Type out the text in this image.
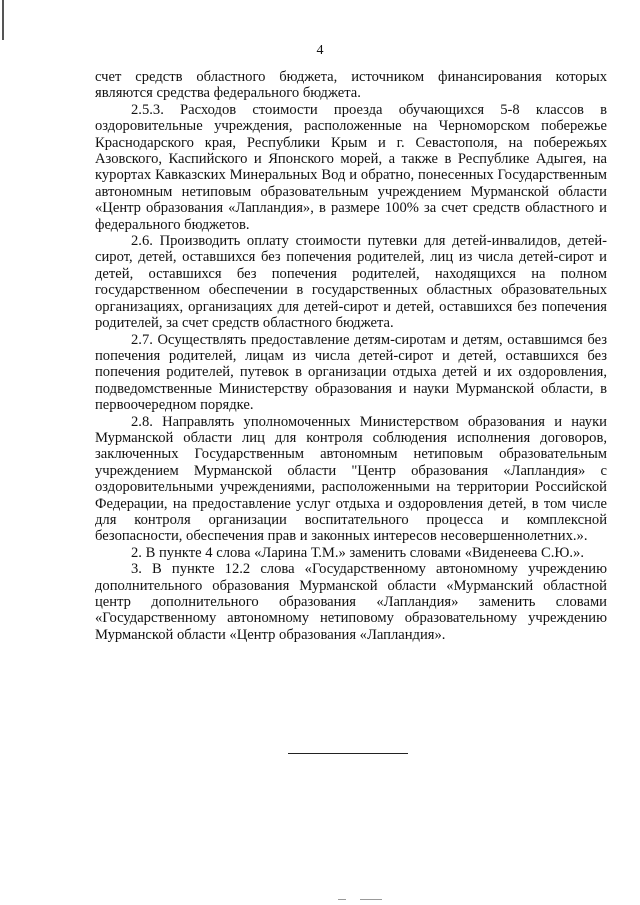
4

счет средств областного бюджета, источником финансирования которых являются средства федерального бюджета.

2.5.3. Расходов стоимости проезда обучающихся 5-8 классов в оздоровительные учреждения, расположенные на Черноморском побережье Краснодарского края, Республики Крым и г. Севастополя, на побережьях Азовского, Каспийского и Японского морей, а также в Республике Адыгея, на курортах Кавказских Минеральных Вод и обратно, понесенных Государственным автономным нетиповым образовательным учреждением Мурманской области «Центр образования «Лапландия», в размере 100% за счет средств областного и федерального бюджетов.

2.6. Производить оплату стоимости путевки для детей-инвалидов, детей-сирот, детей, оставшихся без попечения родителей, лиц из числа детей-сирот и детей, оставшихся без попечения родителей, находящихся на полном государственном обеспечении в государственных областных образовательных организациях, организациях для детей-сирот и детей, оставшихся без попечения родителей, за счет средств областного бюджета.

2.7. Осуществлять предоставление детям-сиротам и детям, оставшимся без попечения родителей, лицам из числа детей-сирот и детей, оставшихся без попечения родителей, путевок в организации отдыха детей и их оздоровления, подведомственные Министерству образования и науки Мурманской области, в первоочередном порядке.

2.8. Направлять уполномоченных Министерством образования и науки Мурманской области лиц для контроля соблюдения исполнения договоров, заключенных Государственным автономным нетиповым образовательным учреждением Мурманской области "Центр образования «Лапландия» с оздоровительными учреждениями, расположенными на территории Российской Федерации, на предоставление услуг отдыха и оздоровления детей, в том числе для контроля организации воспитательного процесса и комплексной безопасности, обеспечения прав и законных интересов несовершеннолетних.».

2. В пункте 4 слова «Ларина Т.М.» заменить словами «Виденеева С.Ю.».

3. В пункте 12.2 слова «Государственному автономному учреждению дополнительного образования Мурманской области «Мурманский областной центр дополнительного образования «Лапландия» заменить словами «Государственному автономному нетиповому образовательному учреждению Мурманской области «Центр образования «Лапландия».
